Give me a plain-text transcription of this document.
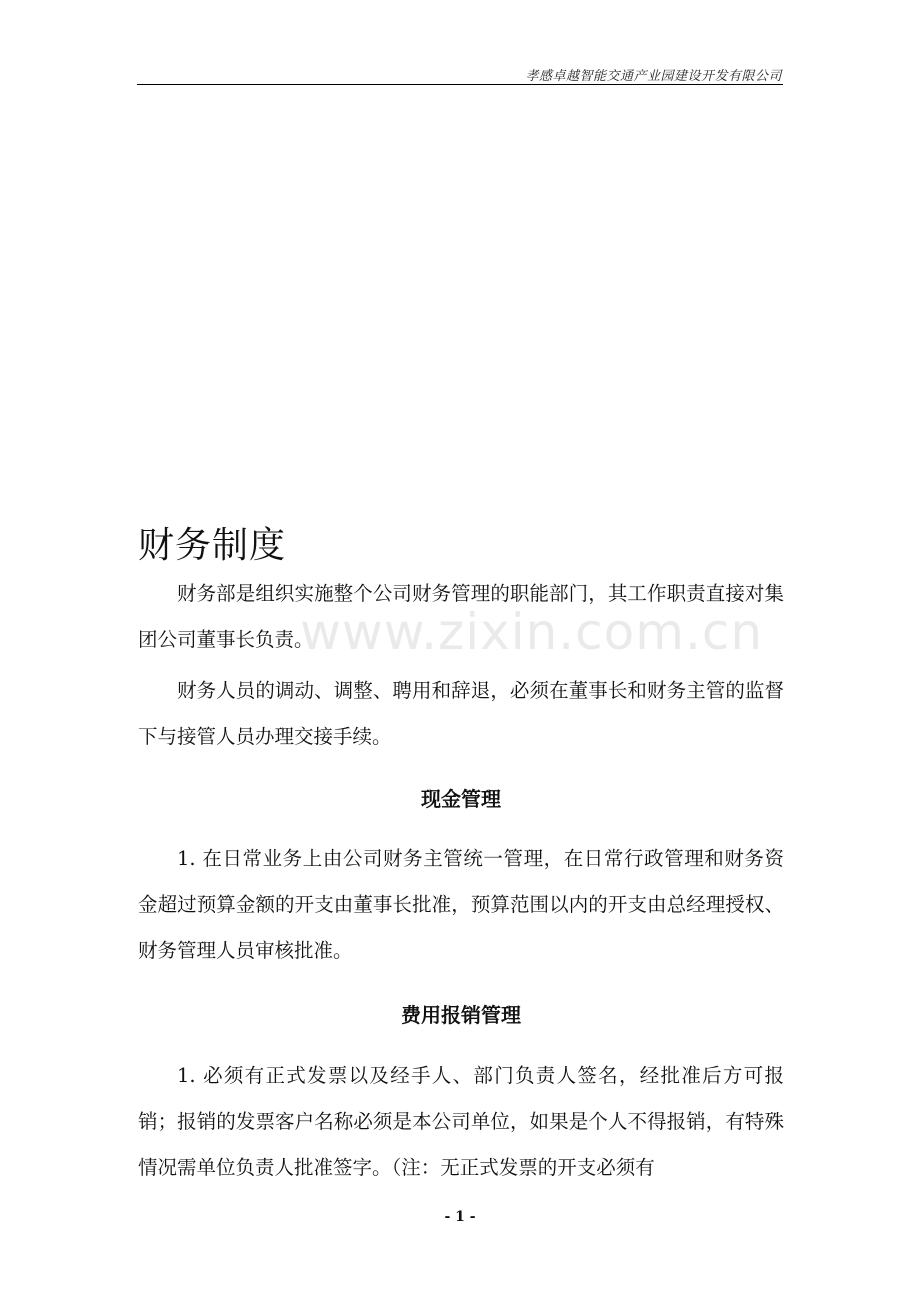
孝感卓越智能交通产业园建设开发有限公司
www.zixin.com.cn
财务制度

财务部是组织实施整个公司财务管理的职能部门，其工作职责直接对集团公司董事长负责。

财务人员的调动、调整、聘用和辞退，必须在董事长和财务主管的监督下与接管人员办理交接手续。

现金管理

1. 在日常业务上由公司财务主管统一管理，在日常行政管理和财务资金超过预算金额的开支由董事长批准，预算范围以内的开支由总经理授权、财务管理人员审核批准。

费用报销管理

1. 必须有正式发票以及经手人、部门负责人签名，经批准后方可报销；报销的发票客户名称必须是本公司单位，如果是个人不得报销，有特殊情况需单位负责人批准签字。（注：无正式发票的开支必须有

- 1 -
